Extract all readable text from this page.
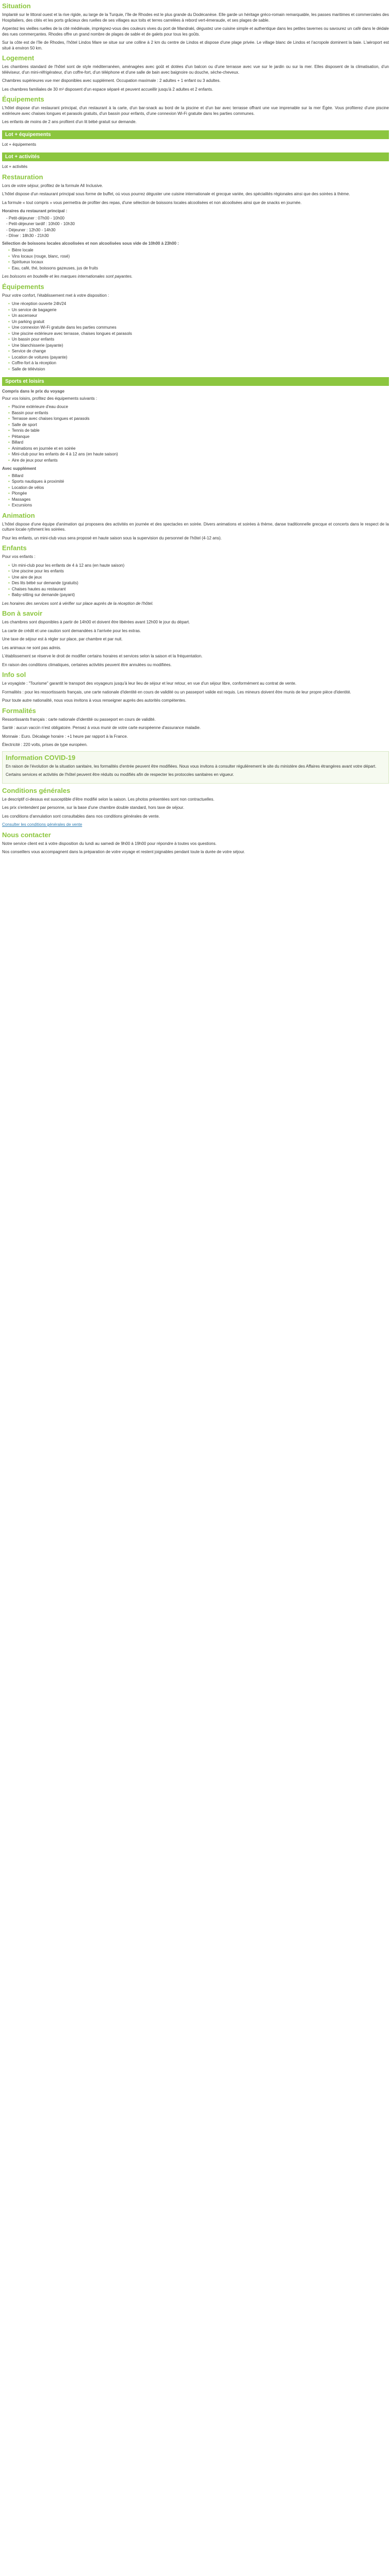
Situation

Implanté sur le littoral ouest et la rive rigide, au large de la Turquie, l'île de Rhodes est le plus grande du Dodécanèse. Elle garde un héritage gréco-romain remarquable, les passes maritimes et commerciales des Hospitaliers, des cités et les ports grâcieux des ruelles de ses villages aux toits et terres carrelées à rebord vert-émeraude, et ses plages de sable.

Arpentez les vieilles ruelles de la cité médiévale, imprégnez-vous des couleurs vives du port de Mandraki, dégustez une cuisine simple et authentique dans les petites tavernes ou savourez un café dans le dédale des rues commerçantes. Rhodes offre un grand nombre de plages de sable et de galets pour tous les goûts.

Sur la côte est de l'île de Rhodes, l'hôtel Lindos Mare se situe sur une colline à 2 km du centre de Lindos et dispose d'une plage privée. Le village blanc de Lindos et l'acropole dominent la baie. L'aéroport est situé à environ 50 km.

Logement

Les chambres standard de l'hôtel sont de style méditerranéen, aménagées avec goût et dotées d'un balcon ou d'une terrasse avec vue sur le jardin ou sur la mer. Elles disposent de la climatisation, d'un téléviseur, d'un mini-réfrigérateur, d'un coffre-fort, d'un téléphone et d'une salle de bain avec baignoire ou douche, sèche-cheveux.

Chambres supérieures vue mer disponibles avec supplément. Occupation maximale : 2 adultes + 1 enfant ou 3 adultes.

Les chambres familiales de 30 m² disposent d'un espace séparé et peuvent accueillir jusqu'à 2 adultes et 2 enfants.

Équipements

L'hôtel dispose d'un restaurant principal, d'un restaurant à la carte, d'un bar-snack au bord de la piscine et d'un bar avec terrasse offrant une vue imprenable sur la mer Égée. Vous profiterez d'une piscine extérieure avec chaises longues et parasols gratuits, d'un bassin pour enfants, d'une connexion Wi-Fi gratuite dans les parties communes.

Les enfants de moins de 2 ans profitent d'un lit bébé gratuit sur demande.

Lot + équipements

Lot + équipements

Lot + activités

Lot + activités

Restauration

Lors de votre séjour, profitez de la formule All Inclusive.

L'hôtel dispose d'un restaurant principal sous forme de buffet, où vous pourrez déguster une cuisine internationale et grecque variée, des spécialités régionales ainsi que des soirées à thème.

La formule « tout compris » vous permettra de profiter des repas, d'une sélection de boissons locales alcoolisées et non alcoolisées ainsi que de snacks en journée.

Horaires du restaurant principal :
- Petit-déjeuner : 07h00 - 10h00
- Petit-déjeuner tardif : 10h00 - 10h30
- Déjeuner : 12h30 - 14h30
- Dîner : 18h30 - 21h30
Sélection de boissons locales alcoolisées et non alcoolisées sous vide de 10h00 à 23h00 :
• Bière locale
• Vins locaux (rouge, blanc, rosé)
• Spiritueux locaux
• Eau, café, thé, boissons gazeuses, jus de fruits

Les boissons en bouteille et les marques internationales sont payantes.

Équipements

Pour votre confort, l'établissement met à votre disposition :

• Une réception ouverte 24h/24
• Un service de bagagerie
• Un ascenseur
• Un parking gratuit
• Une connexion Wi-Fi gratuite dans les parties communes
• Une piscine extérieure avec terrasse, chaises longues et parasols
• Un bassin pour enfants
• Une blanchisserie (payante)
• Service de change
• Location de voitures (payante)
• Coffre-fort à la réception
• Salle de télévision
Sports et loisirs
Compris dans le prix du voyage

Pour vos loisirs, profitez des équipements suivants :

• Piscine extérieure d'eau douce
• Bassin pour enfants
• Terrasse avec chaises longues et parasols
• Salle de sport
• Tennis de table
• Pétanque
• Billard
• Animations en journée et en soirée
• Mini-club pour les enfants de 4 à 12 ans (en haute saison)
• Aire de jeux pour enfants
Avec supplément
• Billard
• Sports nautiques à proximité
• Location de vélos
• Plongée
• Massages
• Excursions
Animation

L'hôtel dispose d'une équipe d'animation qui proposera des activités en journée et des spectacles en soirée. Divers animations et soirées à thème, danse traditionnelle grecque et concerts dans le respect de la culture locale rythment les soirées.

Pour les enfants, un mini-club vous sera proposé en haute saison sous la supervision du personnel de l'hôtel (4-12 ans).

Enfants

Pour vos enfants :

• Un mini-club pour les enfants de 4 à 12 ans (en haute saison)
• Une piscine pour les enfants
• Une aire de jeux
• Des lits bébé sur demande (gratuits)
• Chaises hautes au restaurant
• Baby-sitting sur demande (payant)

Les horaires des services sont à vérifier sur place auprès de la réception de l'hôtel.

Bon à savoir

Les chambres sont disponibles à partir de 14h00 et doivent être libérées avant 12h00 le jour du départ.

La carte de crédit et une caution sont demandées à l'arrivée pour les extras.

Une taxe de séjour est à régler sur place, par chambre et par nuit.

Les animaux ne sont pas admis.

L'établissement se réserve le droit de modifier certains horaires et services selon la saison et la fréquentation.

En raison des conditions climatiques, certaines activités peuvent être annulées ou modifiées.

Info sol

Le voyagiste : "Tourisme" garantit le transport des voyageurs jusqu'à leur lieu de séjour et leur retour, en vue d'un séjour libre, conformément au contrat de vente.

Formalités : pour les ressortissants français, une carte nationale d'identité en cours de validité ou un passeport valide est requis. Les mineurs doivent être munis de leur propre pièce d'identité.

Pour toute autre nationalité, nous vous invitons à vous renseigner auprès des autorités compétentes.

Formalités

Ressortissants français : carte nationale d'identité ou passeport en cours de validité.

Santé : aucun vaccin n'est obligatoire. Pensez à vous munir de votre carte européenne d'assurance maladie.

Monnaie : Euro. Décalage horaire : +1 heure par rapport à la France.

Électricité : 220 volts, prises de type européen.

Information COVID-19

En raison de l'évolution de la situation sanitaire, les formalités d'entrée peuvent être modifiées. Nous vous invitons à consulter régulièrement le site du ministère des Affaires étrangères avant votre départ.

Certains services et activités de l'hôtel peuvent être réduits ou modifiés afin de respecter les protocoles sanitaires en vigueur.

Conditions générales

Le descriptif ci-dessus est susceptible d'être modifié selon la saison. Les photos présentées sont non contractuelles.

Les prix s'entendent par personne, sur la base d'une chambre double standard, hors taxe de séjour.

Les conditions d'annulation sont consultables dans nos conditions générales de vente.

Consulter les conditions générales de vente

Nous contacter

Notre service client est à votre disposition du lundi au samedi de 9h00 à 19h00 pour répondre à toutes vos questions.

Nos conseillers vous accompagnent dans la préparation de votre voyage et restent joignables pendant toute la durée de votre séjour.
